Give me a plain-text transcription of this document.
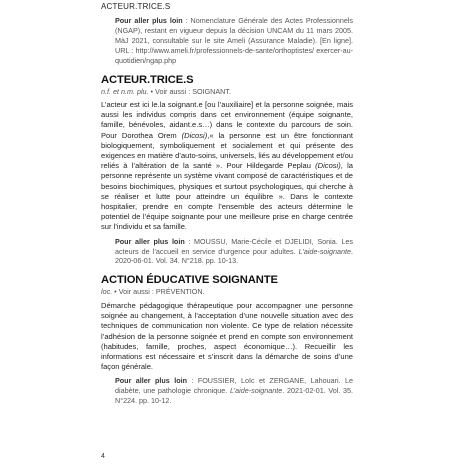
ACTEUR.TRICE.S
Pour aller plus loin : Nomenclature Générale des Actes Professionnels (NGAP), restant en vigueur depuis la décision UNCAM du 11 mars 2005. MàJ 2021, consultable sur le site Ameli (Assurance Maladie). [En ligne]. URL : http://www.ameli.fr/professionnels-de-sante/orthoptistes/ exercer-au-quotidien/ngap.php
ACTEUR.TRICE.S
n.f. et n.m. plu. • Voir aussi : SOIGNANT.

L’acteur est ici le.la soignant.e [ou l’auxiliaire] et la personne soignée, mais aussi les individus compris dans cet environnement (équipe soignante, famille, bénévoles, aidant.e.s…) dans le contexte du parcours de soin. Pour Dorothea Orem (Dicosi),« la personne est un être fonctionnant biologiquement, symboliquement et socialement et qui présente des exigences en matière d’auto-soins, universels, liés au développement et/ou reliés à l’altération de la santé ». Pour Hildegarde Peplau (Dicosi), la personne représente un système vivant composé de caractéristiques et de besoins biochimiques, physiques et surtout psychologiques, qui cherche à se réaliser et lutte pour atteindre un équilibre ». Dans le contexte hospitalier, prendre en compte l’ensemble des acteurs détermine le potentiel de l’équipe soignante pour une meilleure prise en charge centrée sur l’individu et sa famille.

Pour aller plus loin : MOUSSU, Marie-Cécile et DJELIDI, Sonia. Les acteurs de l’accueil en service d’urgence pour adultes. L’aide-soignante. 2020-06-01. Vol. 34. N°218. pp. 10-13.
ACTION ÉDUCATIVE SOIGNANTE
loc. • Voir aussi : PRÉVENTION.

Démarche pédagogique thérapeutique pour accompagner une personne soignée au changement, à l’acceptation d’une nouvelle situation avec des techniques de communication non violente. Ce type de relation nécessite l’adhésion de la personne soignée et prend en compte son environnement (habitudes, famille, proches, aspect économique…). Recueillir les informations est nécessaire et s’inscrit dans la démarche de soins d’une façon générale.

Pour aller plus loin : FOUSSIER, Loïc et ZERGANE, Lahouari. Le diabète, une pathologie chronique. L’aide-soignante. 2021-02-01. Vol. 35. N°224. pp. 10-12.
4
